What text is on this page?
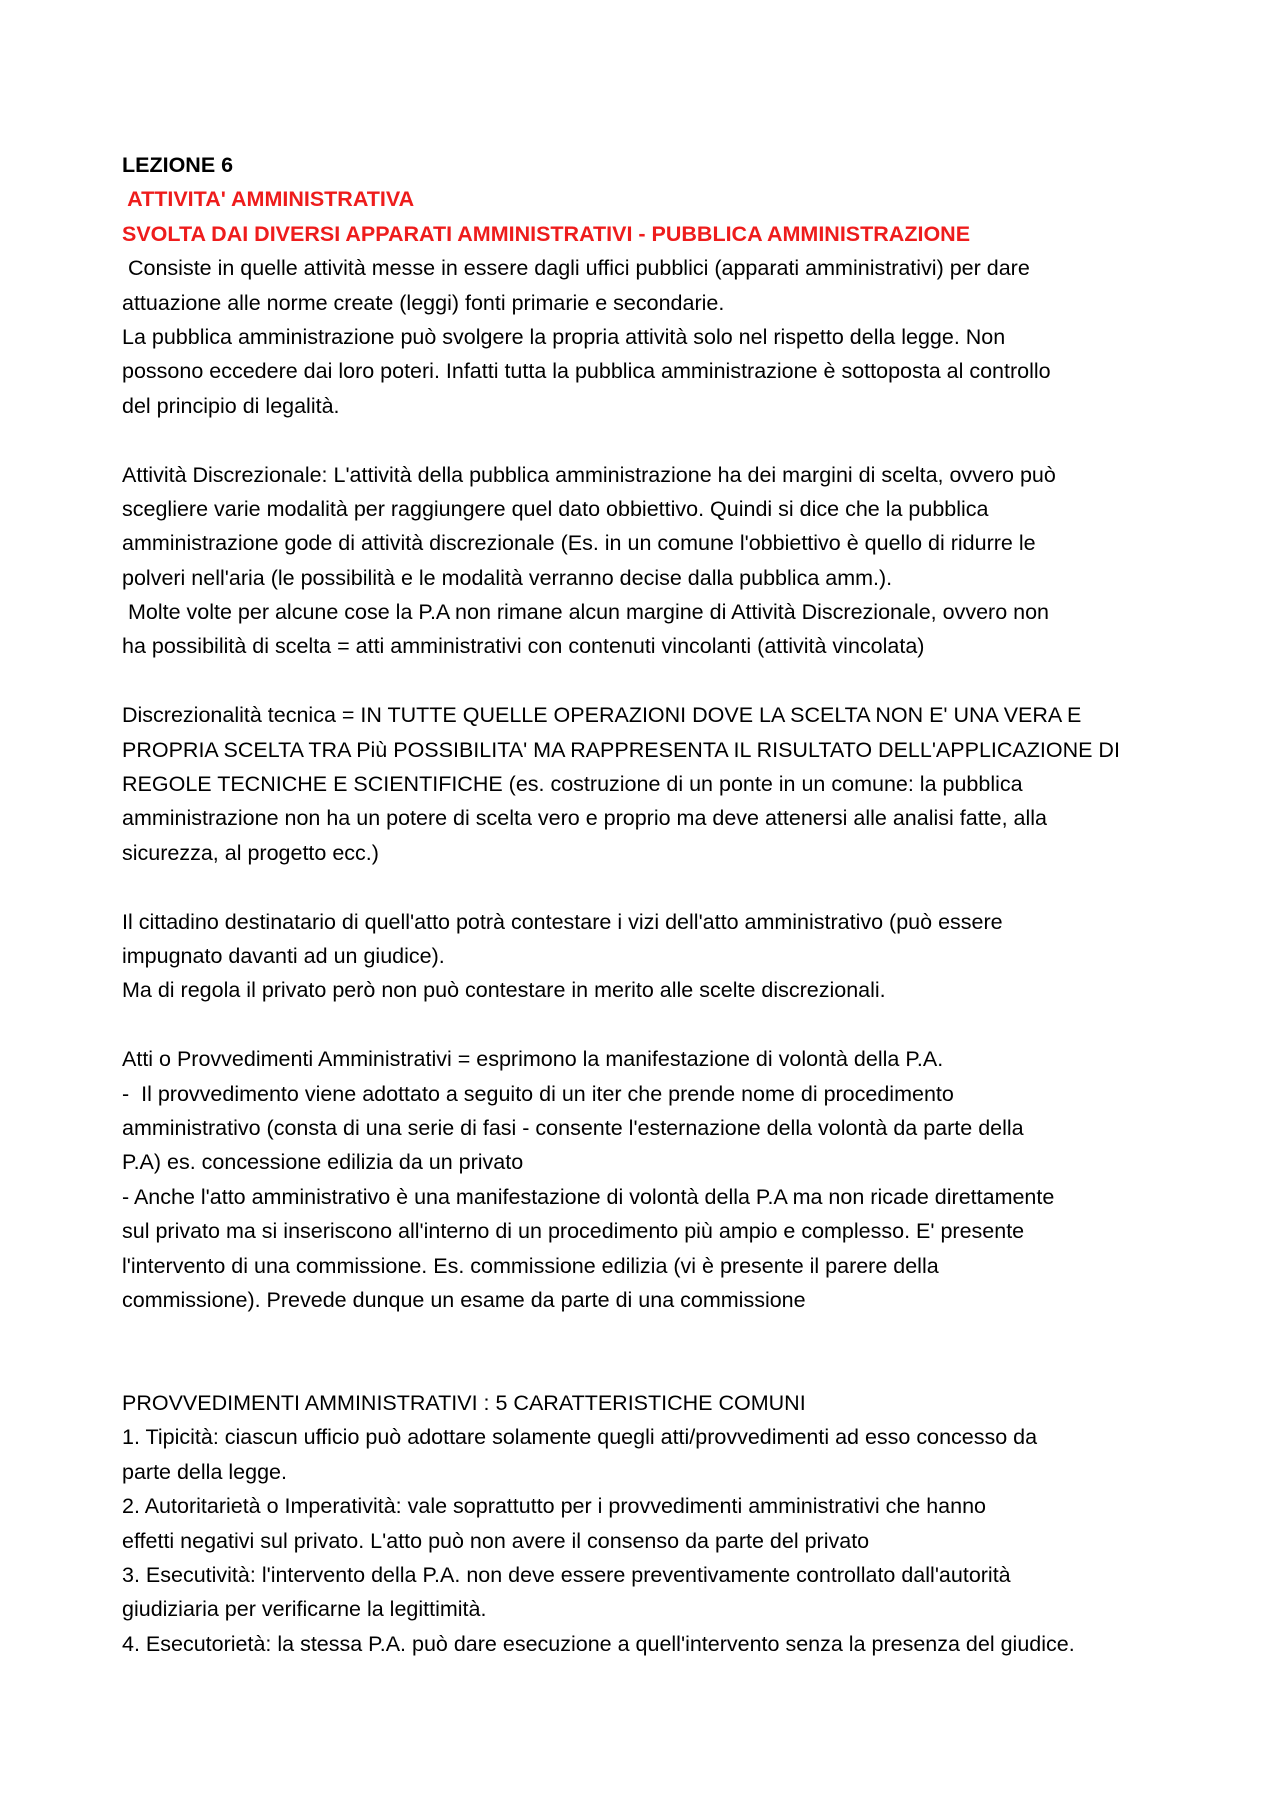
LEZIONE 6
ATTIVITA' AMMINISTRATIVA
SVOLTA DAI DIVERSI APPARATI AMMINISTRATIVI - PUBBLICA AMMINISTRAZIONE
Consiste in quelle attività messe in essere dagli uffici pubblici (apparati amministrativi) per dare
attuazione alle norme create (leggi) fonti primarie e secondarie.
La pubblica amministrazione può svolgere la propria attività solo nel rispetto della legge. Non
possono eccedere dai loro poteri. Infatti tutta la pubblica amministrazione è sottoposta al controllo
del principio di legalità.
Attività Discrezionale: L'attività della pubblica amministrazione ha dei margini di scelta, ovvero può
scegliere varie modalità per raggiungere quel dato obbiettivo. Quindi si dice che la pubblica
amministrazione gode di attività discrezionale (Es. in un comune l'obbiettivo è quello di ridurre le
polveri nell'aria (le possibilità e le modalità verranno decise dalla pubblica amm.).
Molte volte per alcune cose la P.A non rimane alcun margine di Attività Discrezionale, ovvero non
ha possibilità di scelta = atti amministrativi con contenuti vincolanti (attività vincolata)
Discrezionalità tecnica = IN TUTTE QUELLE OPERAZIONI DOVE LA SCELTA NON E' UNA VERA E
PROPRIA SCELTA TRA Più POSSIBILITA' MA RAPPRESENTA IL RISULTATO DELL'APPLICAZIONE DI
REGOLE TECNICHE E SCIENTIFICHE (es. costruzione di un ponte in un comune: la pubblica
amministrazione non ha un potere di scelta vero e proprio ma deve attenersi alle analisi fatte, alla
sicurezza, al progetto ecc.)
Il cittadino destinatario di quell'atto potrà contestare i vizi dell'atto amministrativo (può essere
impugnato davanti ad un giudice).
Ma di regola il privato però non può contestare in merito alle scelte discrezionali.
Atti o Provvedimenti Amministrativi = esprimono la manifestazione di volontà della P.A.
-  Il provvedimento viene adottato a seguito di un iter che prende nome di procedimento
amministrativo (consta di una serie di fasi - consente l'esternazione della volontà da parte della
P.A) es. concessione edilizia da un privato
- Anche l'atto amministrativo è una manifestazione di volontà della P.A ma non ricade direttamente
sul privato ma si inseriscono all'interno di un procedimento più ampio e complesso. E' presente
l'intervento di una commissione. Es. commissione edilizia (vi è presente il parere della
commissione). Prevede dunque un esame da parte di una commissione
PROVVEDIMENTI AMMINISTRATIVI : 5 CARATTERISTICHE COMUNI
1. Tipicità: ciascun ufficio può adottare solamente quegli atti/provvedimenti ad esso concesso da
parte della legge.
2. Autoritarietà o Imperatività: vale soprattutto per i provvedimenti amministrativi che hanno
effetti negativi sul privato. L'atto può non avere il consenso da parte del privato
3. Esecutività: l'intervento della P.A. non deve essere preventivamente controllato dall'autorità
giudiziaria per verificarne la legittimità.
4. Esecutorietà: la stessa P.A. può dare esecuzione a quell'intervento senza la presenza del giudice.
